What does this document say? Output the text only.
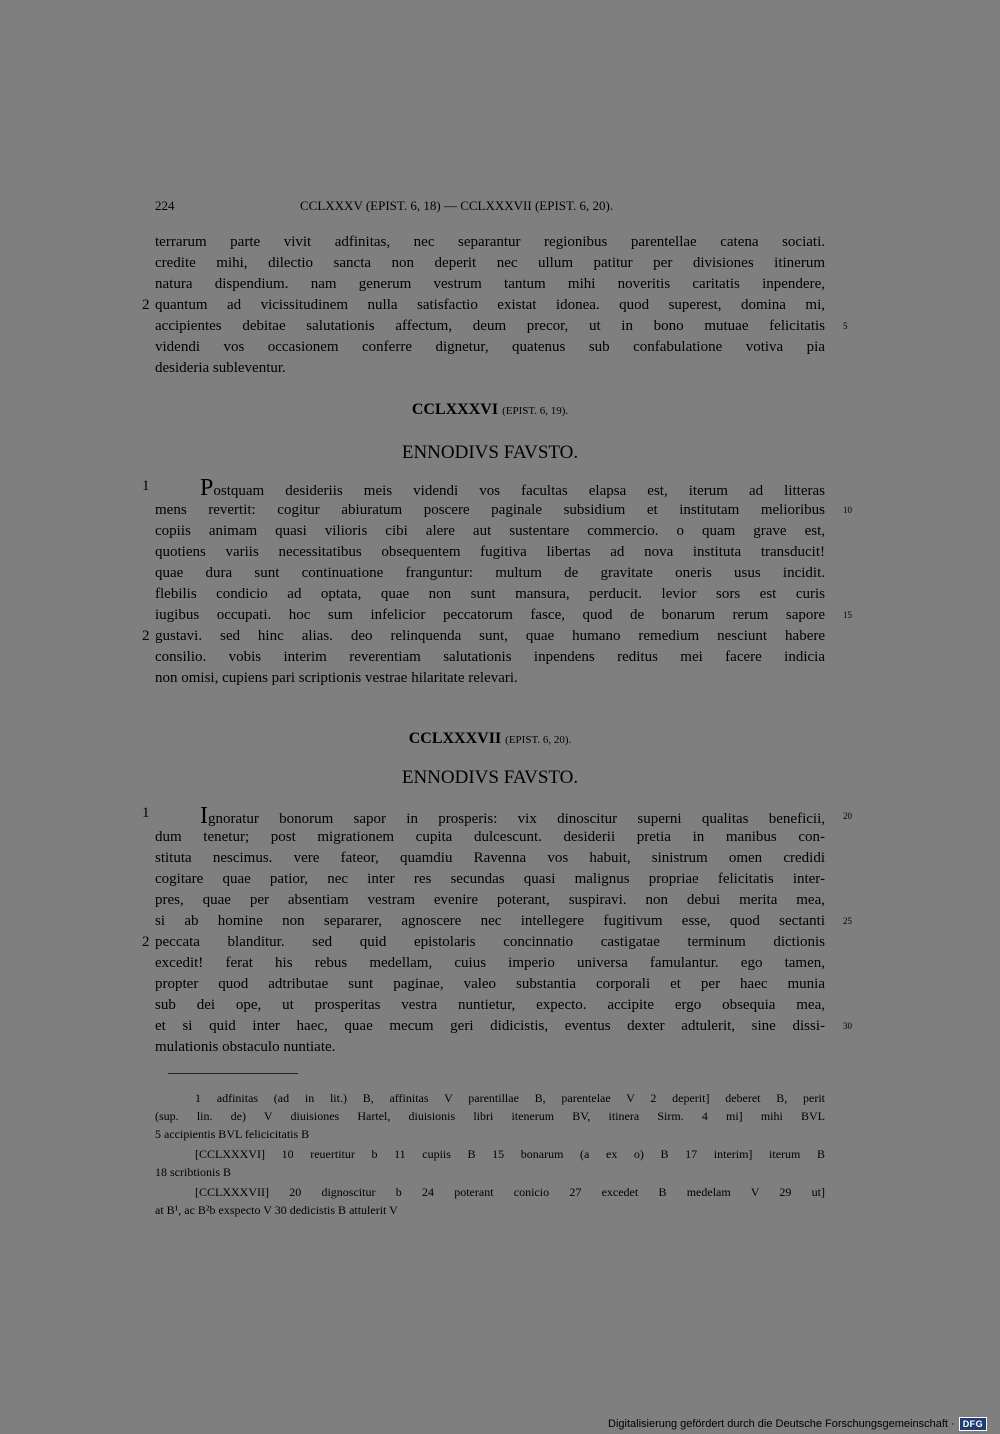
224	CCLXXXV (EPIST. 6, 18) — CCLXXXVII (EPIST. 6, 20).
terrarum parte vivit adfinitas, nec separantur regionibus parentellae catena sociati.
credite mihi, dilectio sancta non deperit nec ullum patitur per divisiones itinerum
natura dispendium. nam generum vestrum tantum mihi noveritis caritatis inpendere,
2 quantum ad vicissitudinem nulla satisfactio existat idonea. quod superest, domina mi,
accipientes debitae salutationis affectum, deum precor, ut in bono mutuae felicitatis 5
videndi vos occasionem conferre dignetur, quatenus sub confabulatione votiva pia
desideria subleventur.
CCLXXXVI (EPIST. 6, 19).
ENNODIVS FAVSTO.
1 Postquam desideriis meis videndi vos facultas elapsa est, iterum ad litteras
mens revertit: cogitur abiuratum poscere paginale subsidium et institutam melioribus 10
copiis animam quasi vilioris cibi alere aut sustentare commercio. o quam grave est,
quotiens variis necessitatibus obsequentem fugitiva libertas ad nova instituta transducit!
quae dura sunt continuatione franguntur: multum de gravitate oneris usus incidit.
flebilis condicio ad optata, quae non sunt mansura, perducit. levior sors est curis
iugibus occupati. hoc sum infelicior peccatorum fasce, quod de bonarum rerum sapore 15
2 gustavi. sed hinc alias. deo relinquenda sunt, quae humano remedium nesciunt habere
consilio. vobis interim reverentiam salutationis inpendens reditus mei facere indicia
non omisi, cupiens pari scriptionis vestrae hilaritate relevari.
CCLXXXVII (EPIST. 6, 20).
ENNODIVS FAVSTO.
1 Ignoratur bonorum sapor in prosperis: vix dinoscitur superni qualitas beneficii, 20
dum tenetur; post migrationem cupita dulcescunt. desiderii pretia in manibus con-
stituta nescimus. vere fateor, quamdiu Ravenna vos habuit, sinistrum omen credidi
cogitare quae patior, nec inter res secundas quasi malignus propriae felicitatis inter-
pres, quae per absentiam vestram evenire poterant, suspiravi. non debui merita mea,
si ab homine non separarer, agnoscere nec intellegere fugitivum esse, quod sectanti 25
2 peccata blanditur. sed quid epistolaris concinnatio castigatae terminum dictionis
excedit! ferat his rebus medellam, cuius imperio universa famulantur. ego tamen,
propter quod adtributae sunt paginae, valeo substantia corporali et per haec munia
sub dei ope, ut prosperitas vestra nuntietur, expecto. accipite ergo obsequia mea,
et si quid inter haec, quae mecum geri didicistis, eventus dexter adtulerit, sine dissi- 30
mulationis obstaculo nuntiate.
1 adfinitas (ad in lit.) B, affinitas V parentillae B, parentelae V 2 deperit] deberet B, perit
(sup. lin. de) V diuisiones Hartel, diuisionis libri itenerum BV, itinera Sirm. 4 mi] mihi BVL
5 accipientis BVL felicicitatis B
[CCLXXXVI] 10 reuertitur b 11 cupiis B 15 bonarum (a ex o) B 17 interim] iterum B
18 scribtionis B
[CCLXXXVII] 20 dignoscitur b 24 poterant conicio 27 excedet B medelam V 29 ut]
at B¹, ac B²b exspecto V 30 dedicistis B attulerit V
Digitalisierung gefördert durch die Deutsche Forschungsgemeinschaft · DFG
